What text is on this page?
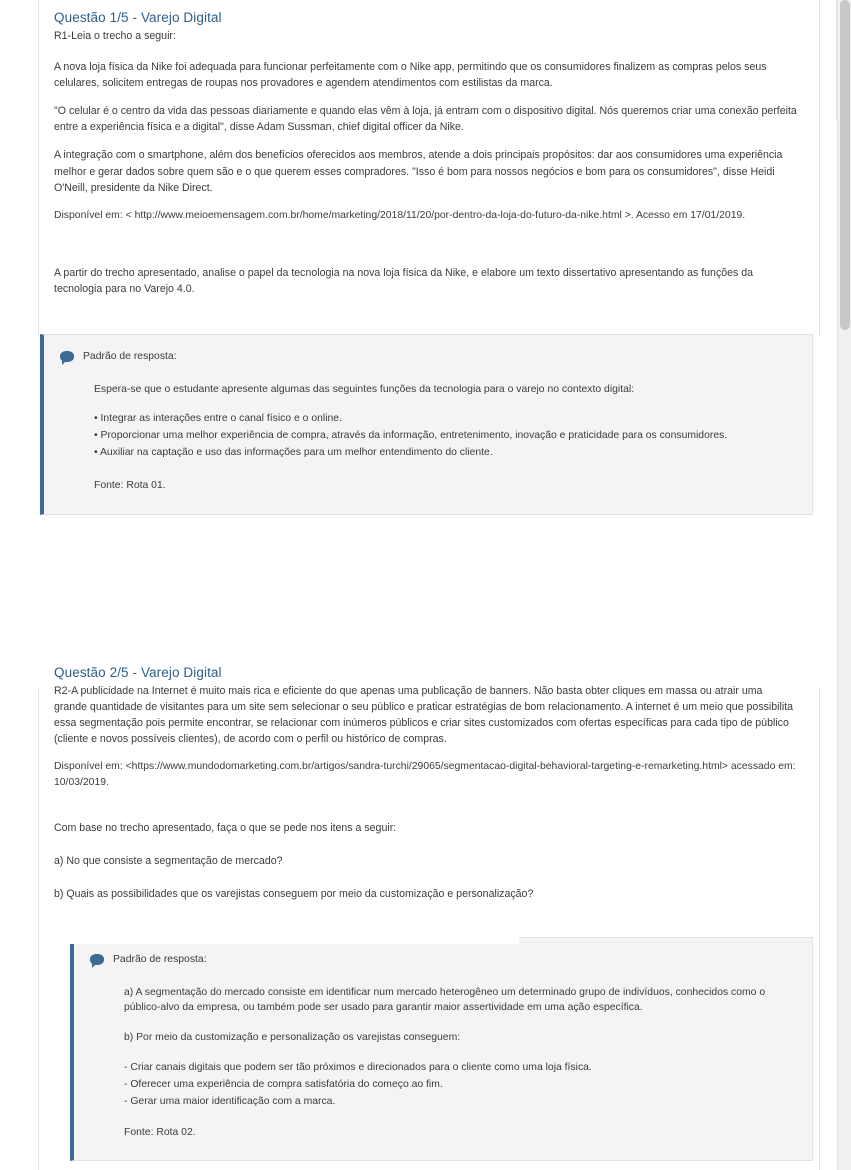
Questão 1/5 - Varejo Digital

R1-Leia o trecho a seguir:

A nova loja física da Nike foi adequada para funcionar perfeitamente com o Nike app, permitindo que os consumidores finalizem as compras pelos seus celulares, solicitem entregas de roupas nos provadores e agendem atendimentos com estilistas da marca.

"O celular é o centro da vida das pessoas diariamente e quando elas vêm à loja, já entram com o dispositivo digital. Nós queremos criar uma conexão perfeita entre a experiência física e a digital", disse Adam Sussman, chief digital officer da Nike.

A integração com o smartphone, além dos benefícios oferecidos aos membros, atende a dois principais propósitos: dar aos consumidores uma experiência melhor e gerar dados sobre quem são e o que querem esses compradores. "Isso é bom para nossos negócios e bom para os consumidores", disse Heidi O'Neill, presidente da Nike Direct.

Disponível em: < http://www.meioemensagem.com.br/home/marketing/2018/11/20/por-dentro-da-loja-do-futuro-da-nike.html >. Acesso em 17/01/2019.

A partir do trecho apresentado, analise o papel da tecnologia na nova loja física da Nike, e elabore um texto dissertativo apresentando as funções da tecnologia para no Varejo 4.0.

Padrão de resposta:

Espera-se que o estudante apresente algumas das seguintes funções da tecnologia para o varejo no contexto digital:

• Integrar as interações entre o canal físico e o online.
• Proporcionar uma melhor experiência de compra, através da informação, entretenimento, inovação e praticidade para os consumidores.
• Auxiliar na captação e uso das informações para um melhor entendimento do cliente.

Fonte: Rota 01.

Questão 2/5 - Varejo Digital

R2-A publicidade na Internet é muito mais rica e eficiente do que apenas uma publicação de banners. Não basta obter cliques em massa ou atrair uma grande quantidade de visitantes para um site sem selecionar o seu público e praticar estratégias de bom relacionamento. A internet é um meio que possibilita essa segmentação pois permite encontrar, se relacionar com inúmeros públicos e criar sites customizados com ofertas específicas para cada tipo de público (cliente e novos possíveis clientes), de acordo com o perfil ou histórico de compras.

Disponível em: <https://www.mundodomarketing.com.br/artigos/sandra-turchi/29065/segmentacao-digital-behavioral-targeting-e-remarketing.html> acessado em: 10/03/2019.

Com base no trecho apresentado, faça o que se pede nos itens a seguir:

a) No que consiste a segmentação de mercado?

b) Quais as possibilidades que os varejistas conseguem por meio da customização e personalização?

Padrão de resposta:

a) A segmentação do mercado consiste em identificar num mercado heterogêneo um determinado grupo de indivíduos, conhecidos como o público-alvo da empresa, ou também pode ser usado para garantir maior assertividade em uma ação específica.

b) Por meio da customização e personalização os varejistas conseguem:

- Criar canais digitais que podem ser tão próximos e direcionados para o cliente como uma loja física.
- Oferecer uma experiência de compra satisfatória do começo ao fim.
- Gerar uma maior identificação com a marca.

Fonte: Rota 02.
